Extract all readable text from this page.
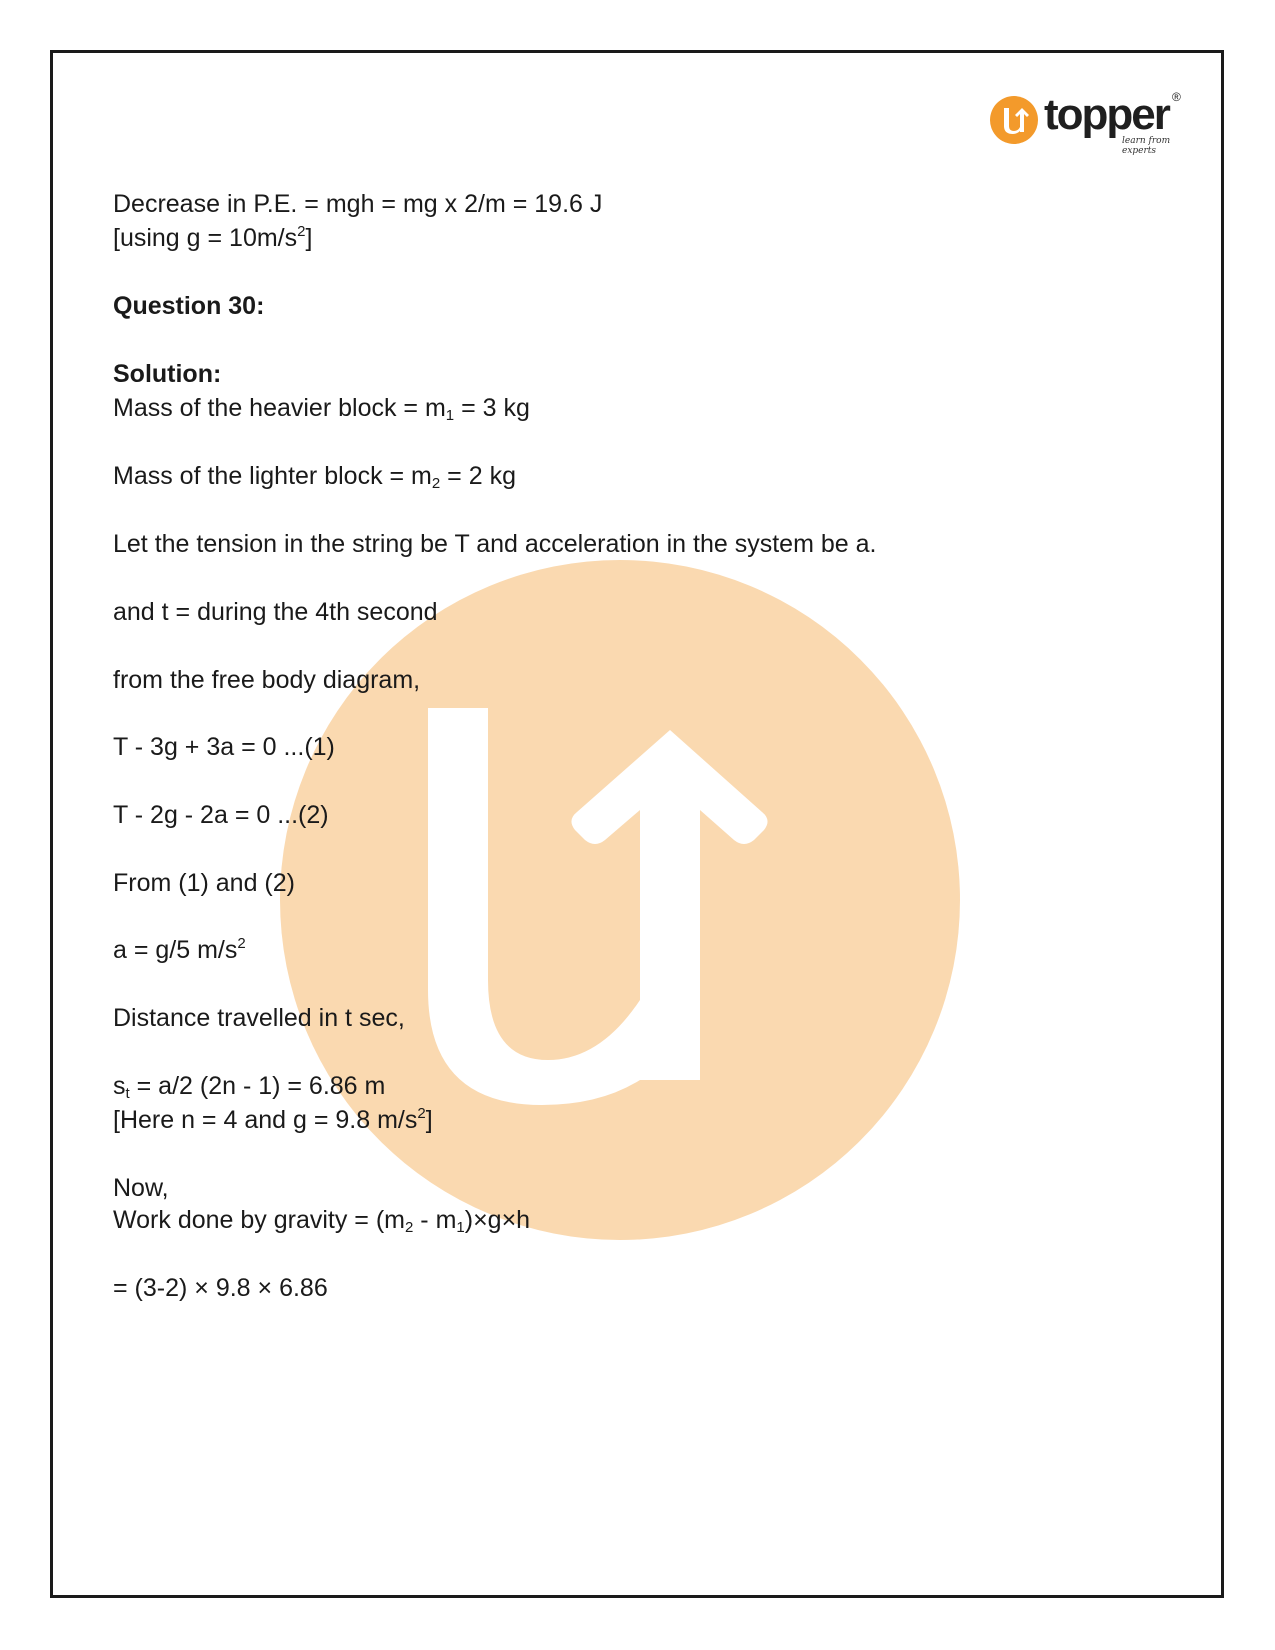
topper ®
learn from experts
Decrease in P.E. = mgh = mg x 2/m = 19.6 J
[using $g = 10m/s^2$]
Question 30:
Solution:
Mass of the heavier block = $m_1 = 3$ kg
Mass of the lighter block = $m_2 = 2$ kg
Let the tension in the string be T and acceleration in the system be a.
and t = during the 4th second
from the free body diagram,
T - 3g + 3a = 0 ...(1)
T - 2g - 2a = 0 ...(2)
From (1) and (2)
a = g/5 $m/s^2$
Distance travelled in t sec,
$s_t = a/2$ (2n - 1) = 6.86 m
[Here n = 4 and g = 9.8 $m/s^2$]
Now,
Work done by gravity = $(m_2 - m_1)\times g\times h$
= (3-2) × 9.8 × 6.86
